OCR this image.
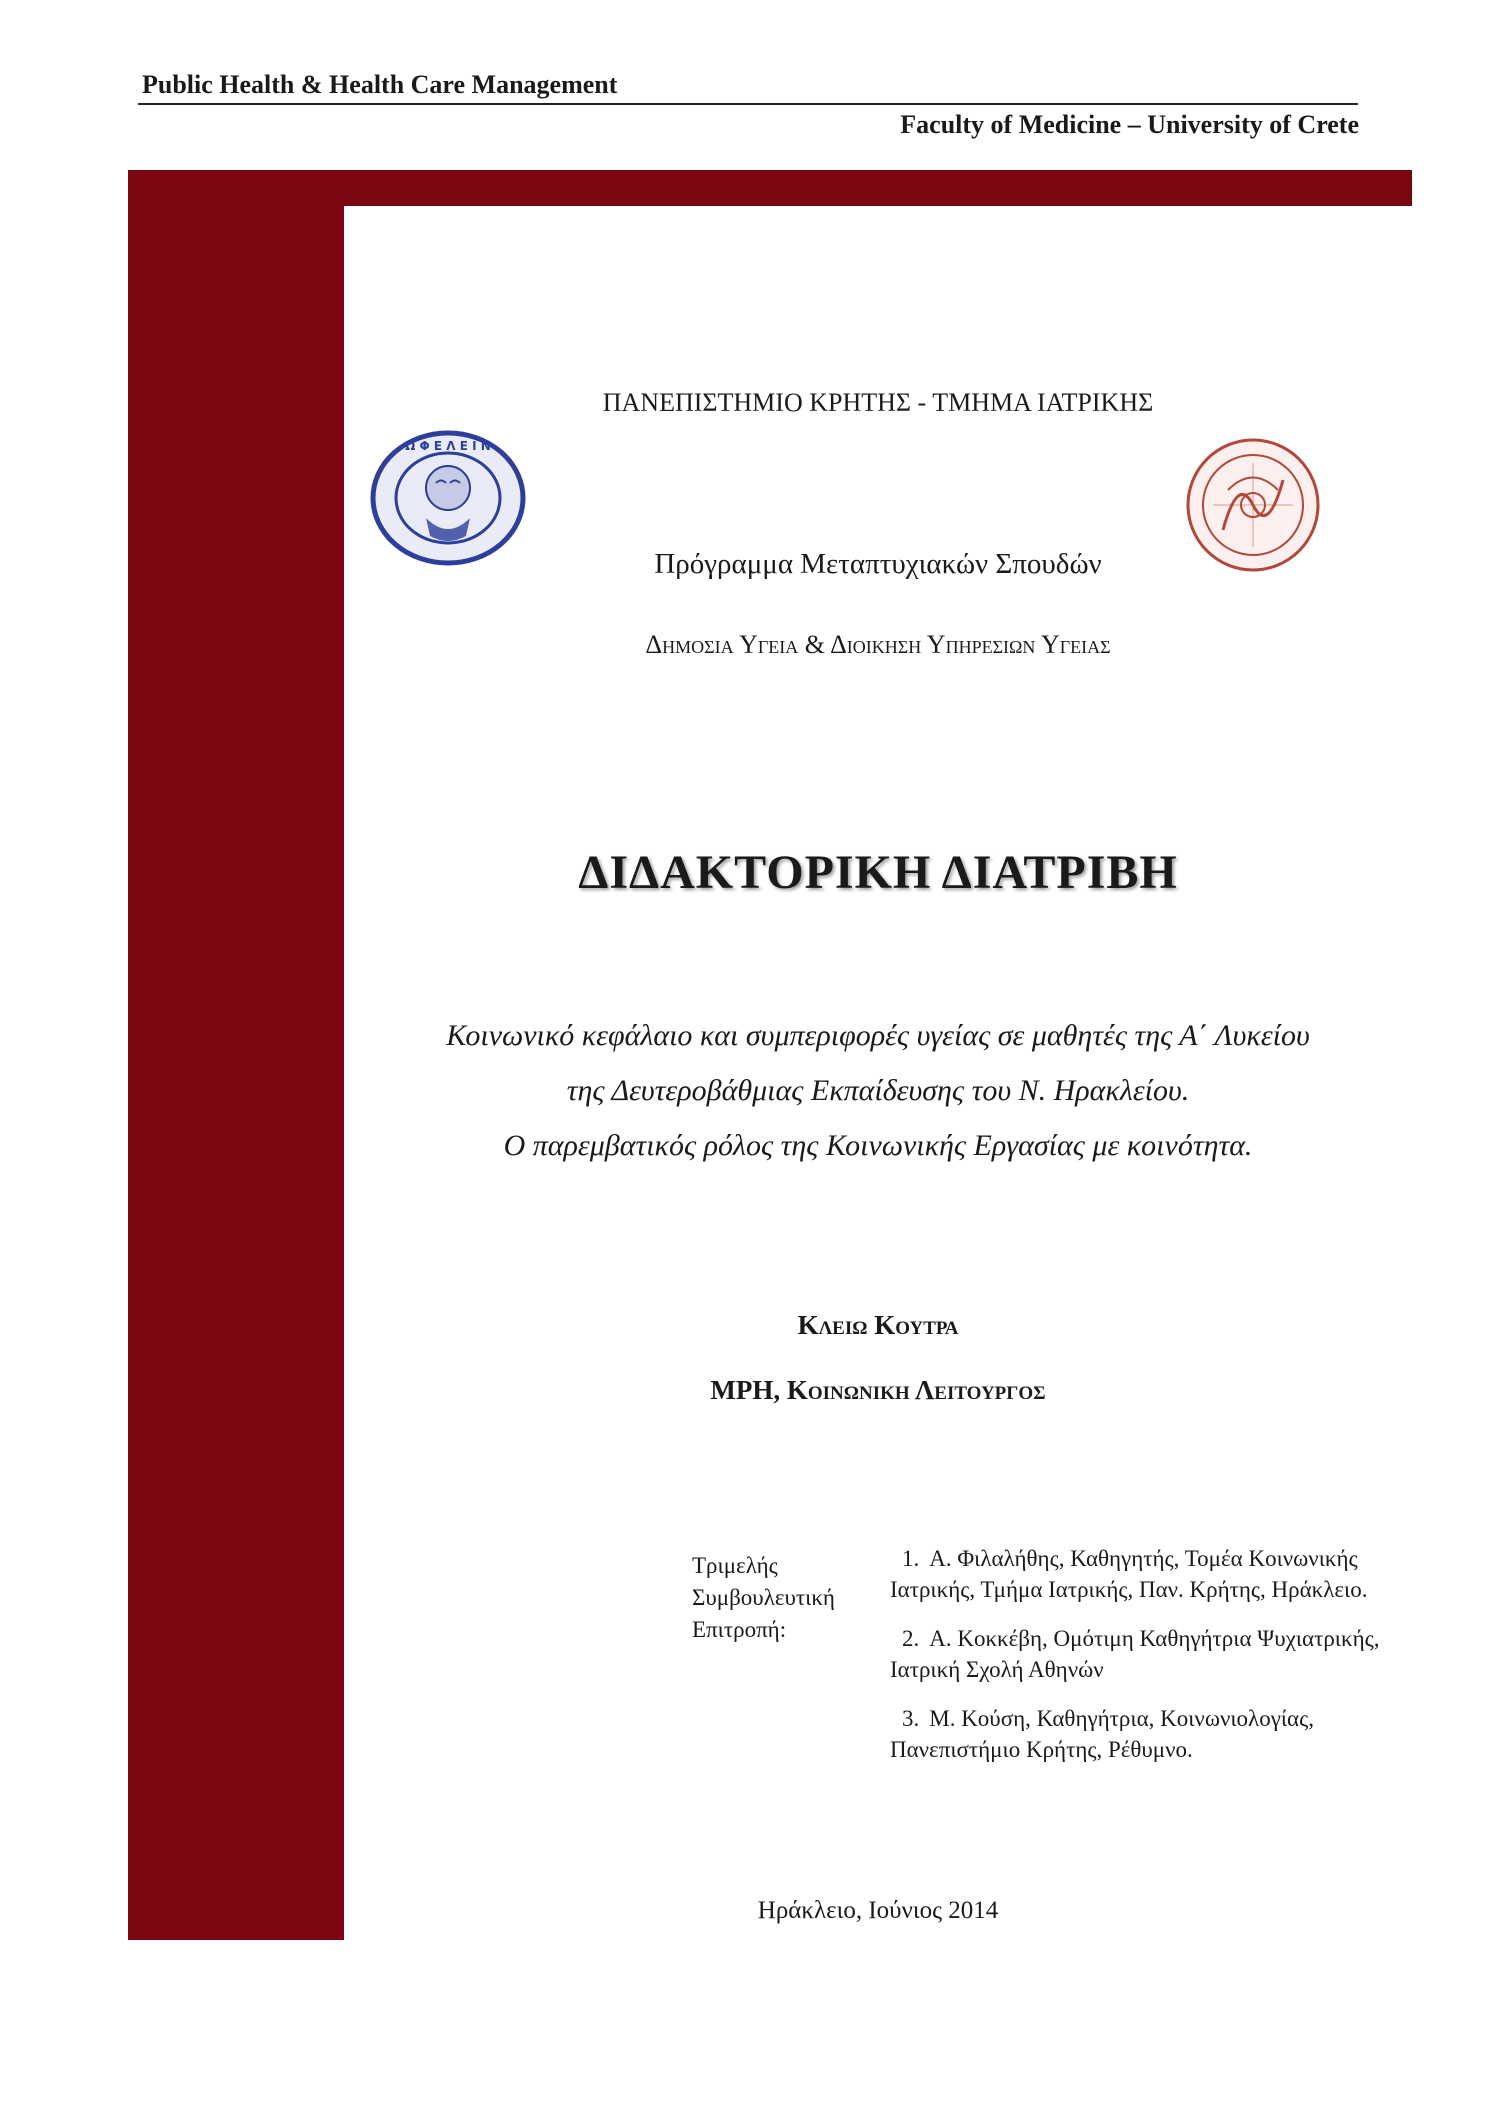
Public Health & Health Care Management
Faculty of Medicine – University of Crete
ΠΑΝΕΠΙΣΤΗΜΙΟ ΚΡΗΤΗΣ - ΤΜΗΜΑ ΙΑΤΡΙΚΗΣ
Ω Φ Ε Λ Ε Ι Ν
Πρόγραμμα Μεταπτυχιακών Σπουδών
Δημοσια Υγεια & Διοικηση Υπηρεσιων Υγειας
ΔΙΔΑΚΤΟΡΙΚΗ ΔΙΑΤΡΙΒΗ
Κοινωνικό κεφάλαιο και συμπεριφορές υγείας σε μαθητές της Α΄ Λυκείου
της Δευτεροβάθμιας Εκπαίδευσης του Ν. Ηρακλείου.
Ο παρεμβατικός ρόλος της Κοινωνικής Εργασίας με κοινότητα.
Κλειω Κουτρα
MPH, Κοινωνικη Λειτουργος
Τριμελής
Συμβουλευτική
Επιτροπή:
1. Α. Φιλαλήθης, Καθηγητής, Τομέα Κοινωνικής Ιατρικής, Τμήμα Ιατρικής, Παν. Κρήτης, Ηράκλειο.
2. Α. Κοκκέβη, Ομότιμη Καθηγήτρια Ψυχιατρικής, Ιατρική Σχολή Αθηνών
3. Μ. Κούση, Καθηγήτρια, Κοινωνιολογίας, Πανεπιστήμιο Κρήτης, Ρέθυμνο.
Ηράκλειο, Ιούνιος 2014
